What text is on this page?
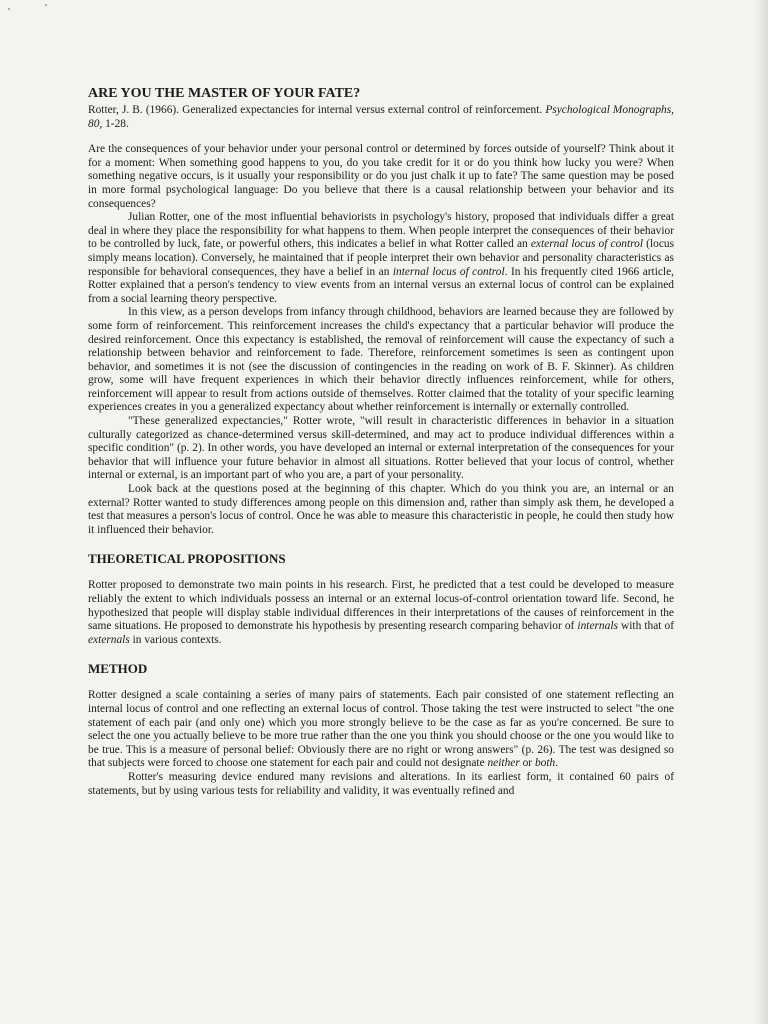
ARE YOU THE MASTER OF YOUR FATE?

Rotter, J. B. (1966). Generalized expectancies for internal versus external control of reinforcement. Psychological Monographs, 80, 1-28.

Are the consequences of your behavior under your personal control or determined by forces outside of yourself? Think about it for a moment: When something good happens to you, do you take credit for it or do you think how lucky you were? When something negative occurs, is it usually your responsibility or do you just chalk it up to fate? The same question may be posed in more formal psychological language: Do you believe that there is a causal relationship between your behavior and its consequences?

Julian Rotter, one of the most influential behaviorists in psychology's history, proposed that individuals differ a great deal in where they place the responsibility for what happens to them. When people interpret the consequences of their behavior to be controlled by luck, fate, or powerful others, this indicates a belief in what Rotter called an external locus of control (locus simply means location). Conversely, he maintained that if people interpret their own behavior and personality characteristics as responsible for behavioral consequences, they have a belief in an internal locus of control. In his frequently cited 1966 article, Rotter explained that a person's tendency to view events from an internal versus an external locus of control can be explained from a social learning theory perspective.

In this view, as a person develops from infancy through childhood, behaviors are learned because they are followed by some form of reinforcement. This reinforcement increases the child's expectancy that a particular behavior will produce the desired reinforcement. Once this expectancy is established, the removal of reinforcement will cause the expectancy of such a relationship between behavior and reinforcement to fade. Therefore, reinforcement sometimes is seen as contingent upon behavior, and sometimes it is not (see the discussion of contingencies in the reading on work of B. F. Skinner). As children grow, some will have frequent experiences in which their behavior directly influences reinforcement, while for others, reinforcement will appear to result from actions outside of themselves. Rotter claimed that the totality of your specific learning experiences creates in you a generalized expectancy about whether reinforcement is internally or externally controlled.

"These generalized expectancies," Rotter wrote, "will result in characteristic differences in behavior in a situation culturally categorized as chance-determined versus skill-determined, and may act to produce individual differences within a specific condition" (p. 2). In other words, you have developed an internal or external interpretation of the consequences for your behavior that will influence your future behavior in almost all situations. Rotter believed that your locus of control, whether internal or external, is an important part of who you are, a part of your personality.

Look back at the questions posed at the beginning of this chapter. Which do you think you are, an internal or an external? Rotter wanted to study differences among people on this dimension and, rather than simply ask them, he developed a test that measures a person's locus of control. Once he was able to measure this characteristic in people, he could then study how it influenced their behavior.

THEORETICAL PROPOSITIONS

Rotter proposed to demonstrate two main points in his research. First, he predicted that a test could be developed to measure reliably the extent to which individuals possess an internal or an external locus-of-control orientation toward life. Second, he hypothesized that people will display stable individual differences in their interpretations of the causes of reinforcement in the same situations. He proposed to demonstrate his hypothesis by presenting research comparing behavior of internals with that of externals in various contexts.

METHOD

Rotter designed a scale containing a series of many pairs of statements. Each pair consisted of one statement reflecting an internal locus of control and one reflecting an external locus of control. Those taking the test were instructed to select "the one statement of each pair (and only one) which you more strongly believe to be the case as far as you're concerned. Be sure to select the one you actually believe to be more true rather than the one you think you should choose or the one you would like to be true. This is a measure of personal belief: Obviously there are no right or wrong answers" (p. 26). The test was designed so that subjects were forced to choose one statement for each pair and could not designate neither or both.

Rotter's measuring device endured many revisions and alterations. In its earliest form, it contained 60 pairs of statements, but by using various tests for reliability and validity, it was eventually refined and
